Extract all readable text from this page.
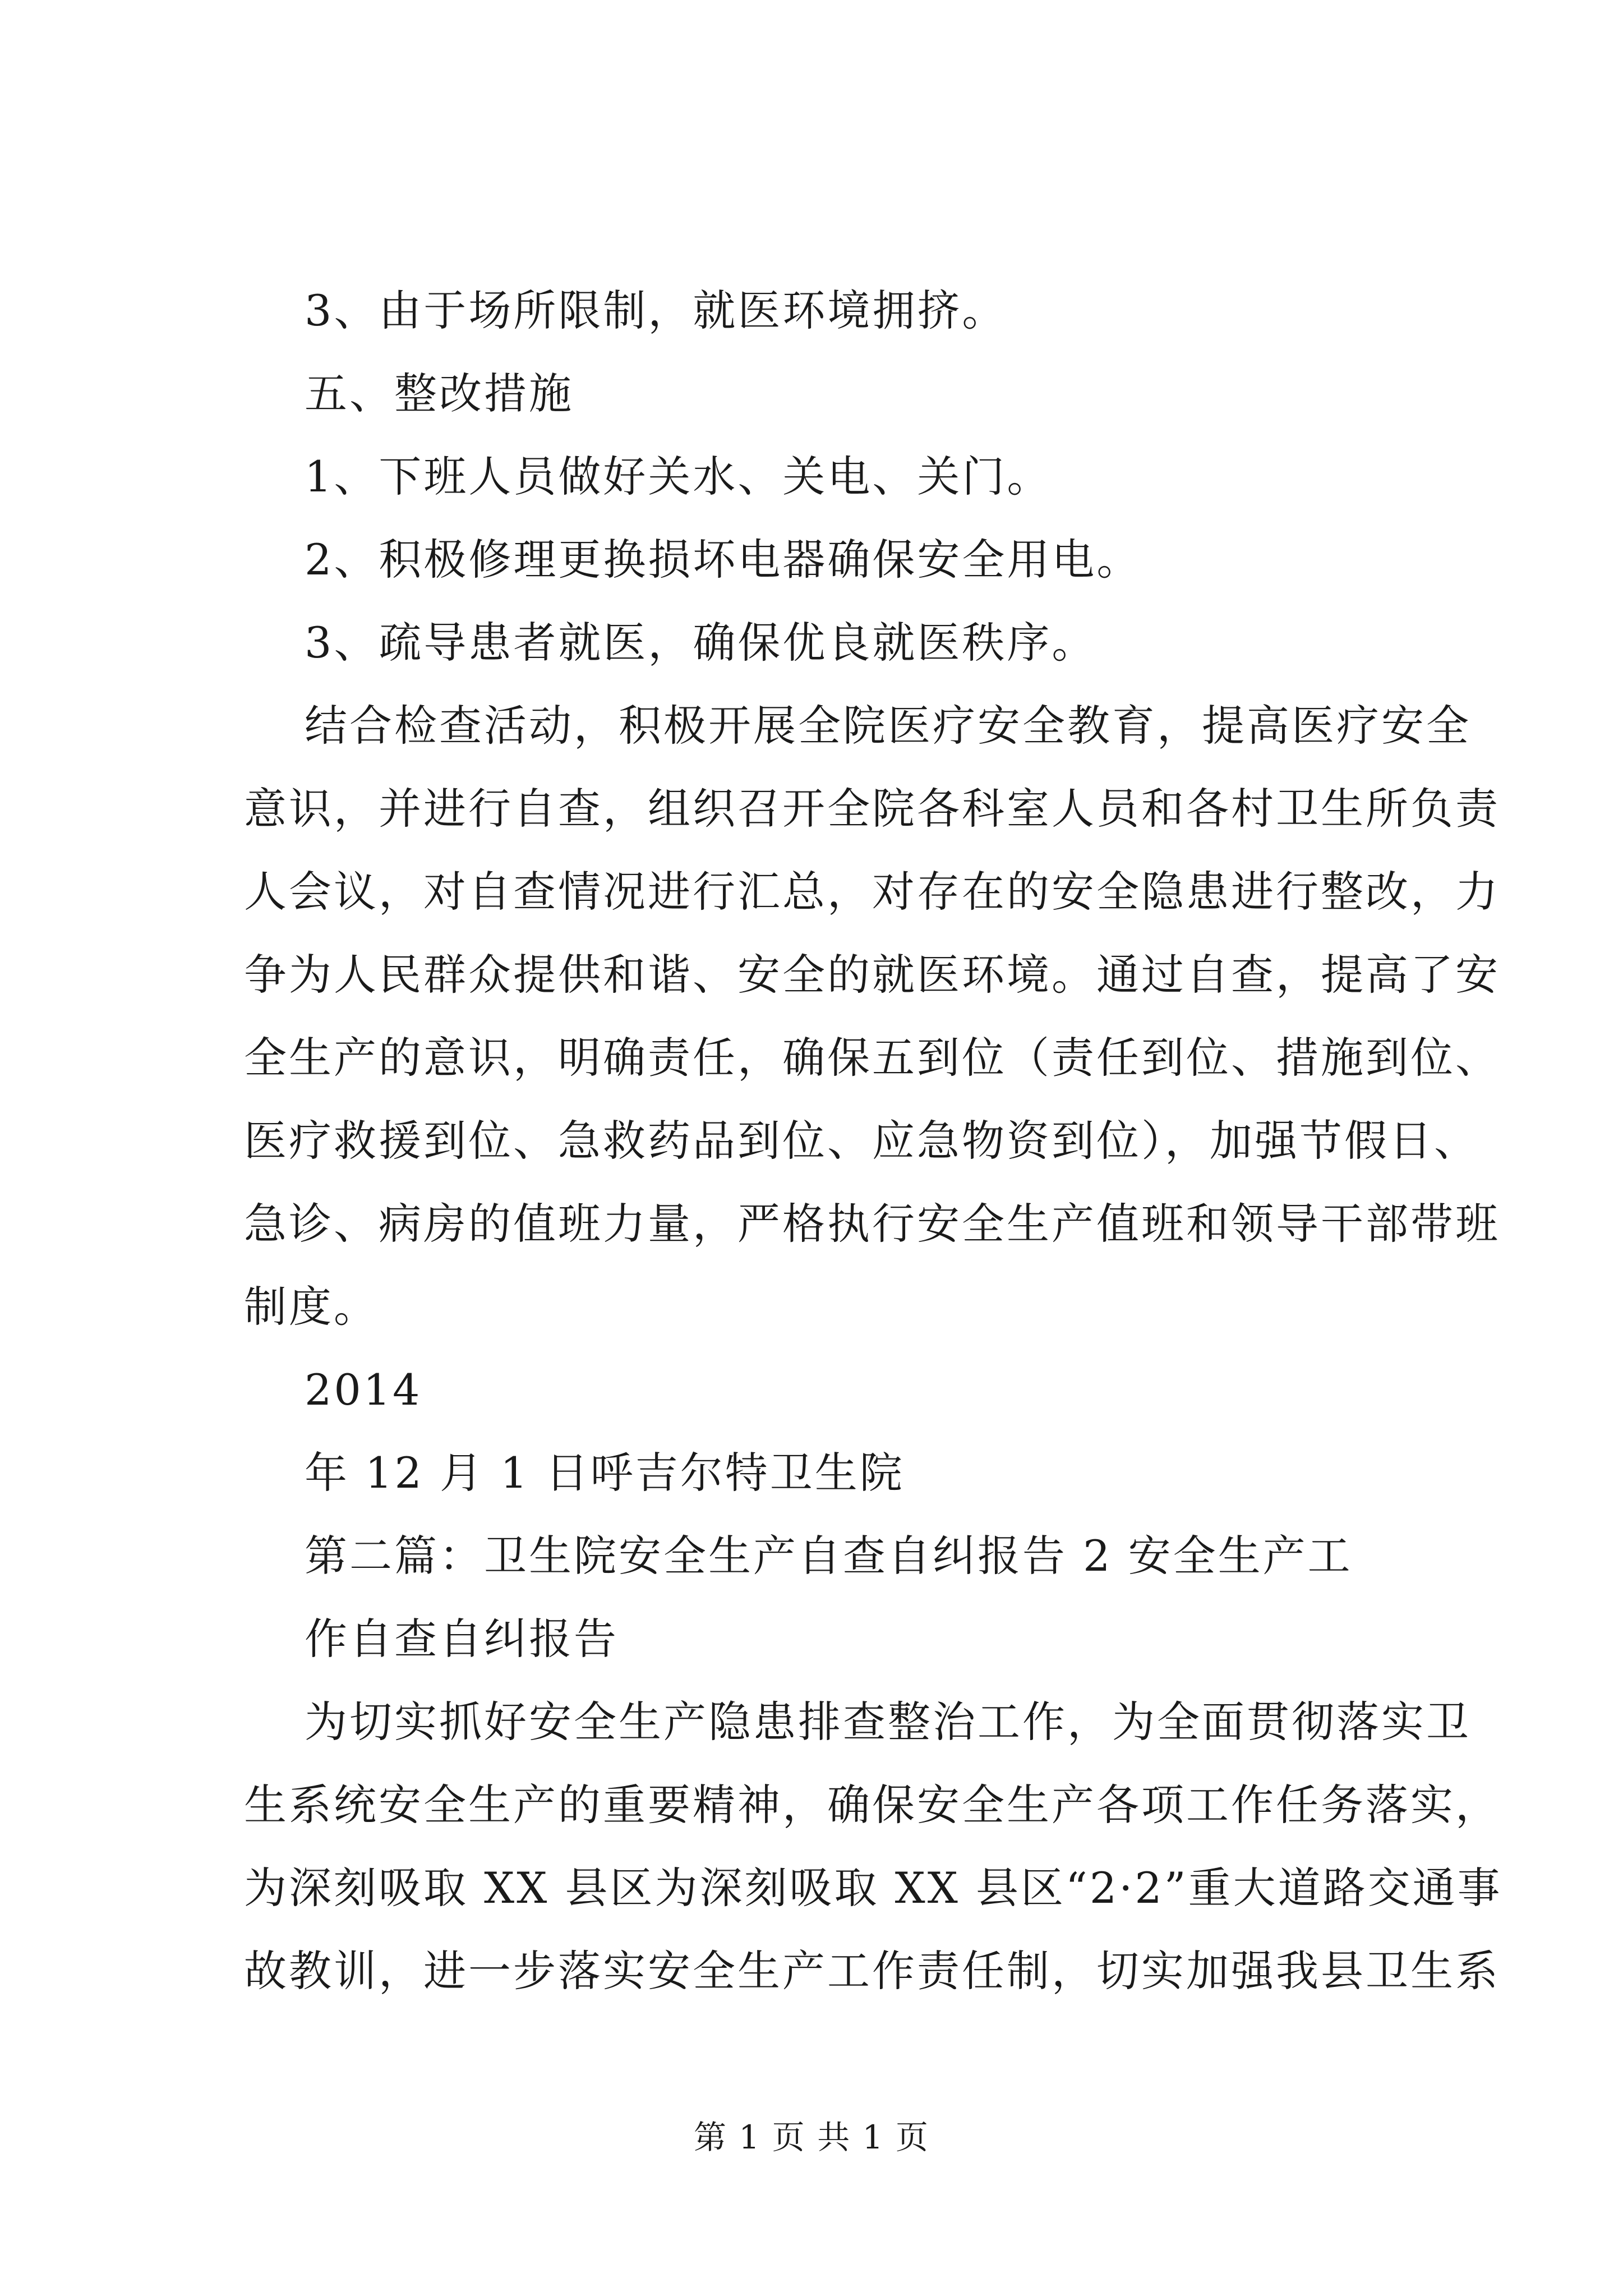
3、由于场所限制，就医环境拥挤。

五、整改措施

1、下班人员做好关水、关电、关门。

2、积极修理更换损坏电器确保安全用电。

3、疏导患者就医，确保优良就医秩序。

结合检查活动，积极开展全院医疗安全教育，提高医疗安全

意识，并进行自查，组织召开全院各科室人员和各村卫生所负责

人会议，对自查情况进行汇总，对存在的安全隐患进行整改，力

争为人民群众提供和谐、安全的就医环境。通过自查，提高了安

全生产的意识，明确责任，确保五到位（责任到位、措施到位、

医疗救援到位、急救药品到位、应急物资到位），加强节假日、

急诊、病房的值班力量，严格执行安全生产值班和领导干部带班

制度。

2014

年 12 月 1 日呼吉尔特卫生院

第二篇：卫生院安全生产自查自纠报告 2 安全生产工

作自查自纠报告

为切实抓好安全生产隐患排查整治工作，为全面贯彻落实卫

生系统安全生产的重要精神，确保安全生产各项工作任务落实，

为深刻吸取 XX 县区为深刻吸取 XX 县区“2·2”重大道路交通事

故教训，进一步落实安全生产工作责任制，切实加强我县卫生系

第 1 页 共 1 页
